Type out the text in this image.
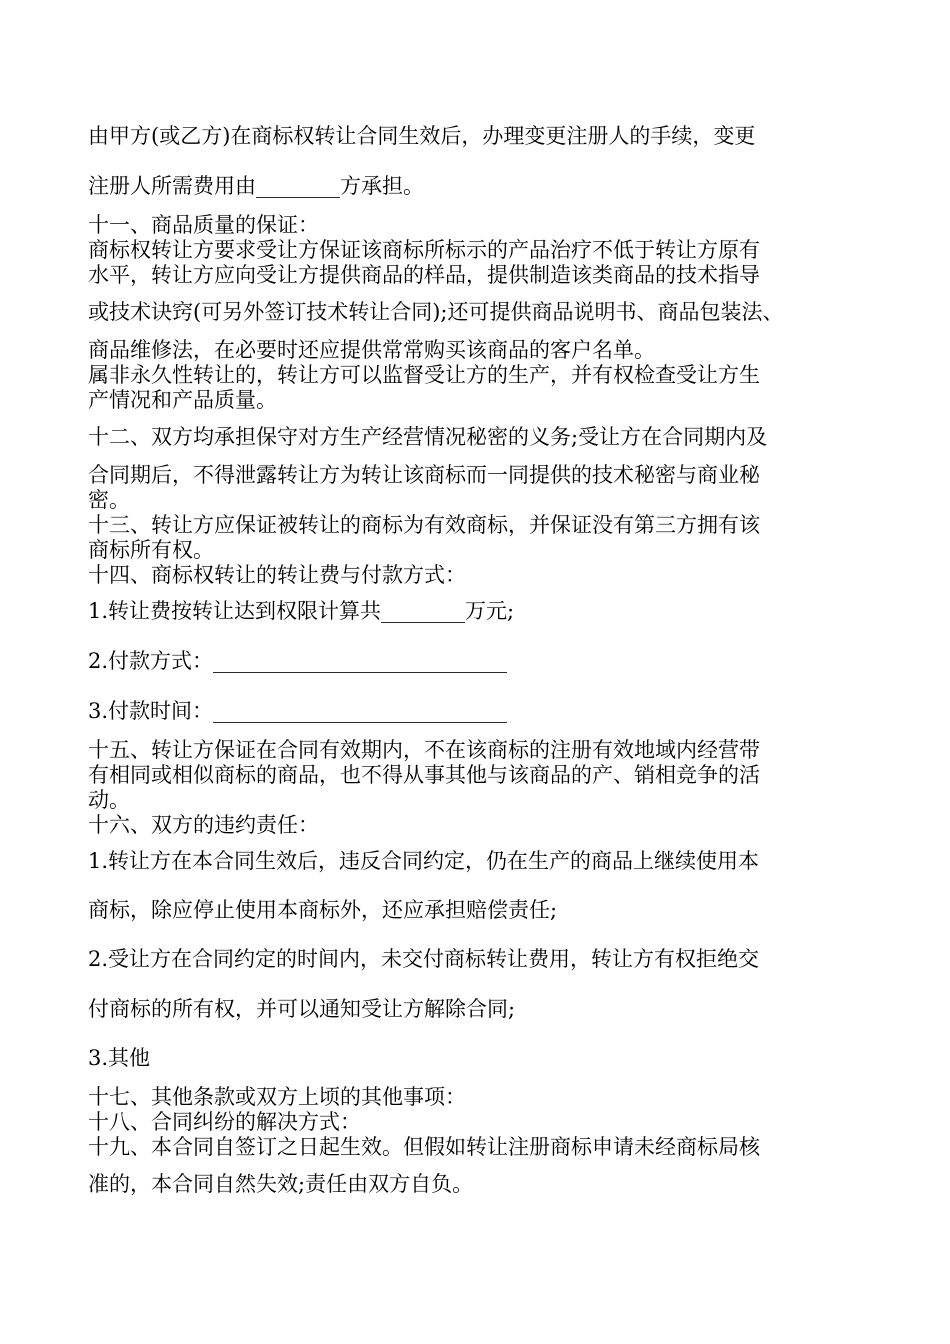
由甲方(或乙方)在商标权转让合同生效后，办理变更注册人的手续，变更
注册人所需费用由________方承担。
十一、商品质量的保证：
商标权转让方要求受让方保证该商标所标示的产品治疗不低于转让方原有
水平，转让方应向受让方提供商品的样品，提供制造该类商品的技术指导
或技术诀窍(可另外签订技术转让合同);还可提供商品说明书、商品包装法、
商品维修法，在必要时还应提供常常购买该商品的客户名单。
属非永久性转让的，转让方可以监督受让方的生产，并有权检查受让方生
产情况和产品质量。
十二、双方均承担保守对方生产经营情况秘密的义务;受让方在合同期内及
合同期后，不得泄露转让方为转让该商标而一同提供的技术秘密与商业秘
密。
十三、转让方应保证被转让的商标为有效商标，并保证没有第三方拥有该
商标所有权。
十四、商标权转让的转让费与付款方式：
1.转让费按转让达到权限计算共________万元;
2.付款方式：____________________________
3.付款时间：____________________________
十五、转让方保证在合同有效期内，不在该商标的注册有效地域内经营带
有相同或相似商标的商品，也不得从事其他与该商品的产、销相竞争的活
动。
十六、双方的违约责任：
1.转让方在本合同生效后，违反合同约定，仍在生产的商品上继续使用本
商标，除应停止使用本商标外，还应承担赔偿责任;
2.受让方在合同约定的时间内，未交付商标转让费用，转让方有权拒绝交
付商标的所有权，并可以通知受让方解除合同;
3.其他
十七、其他条款或双方上顷的其他事项：
十八、合同纠纷的解决方式：
十九、本合同自签订之日起生效。但假如转让注册商标申请未经商标局核
准的，本合同自然失效;责任由双方自负。
